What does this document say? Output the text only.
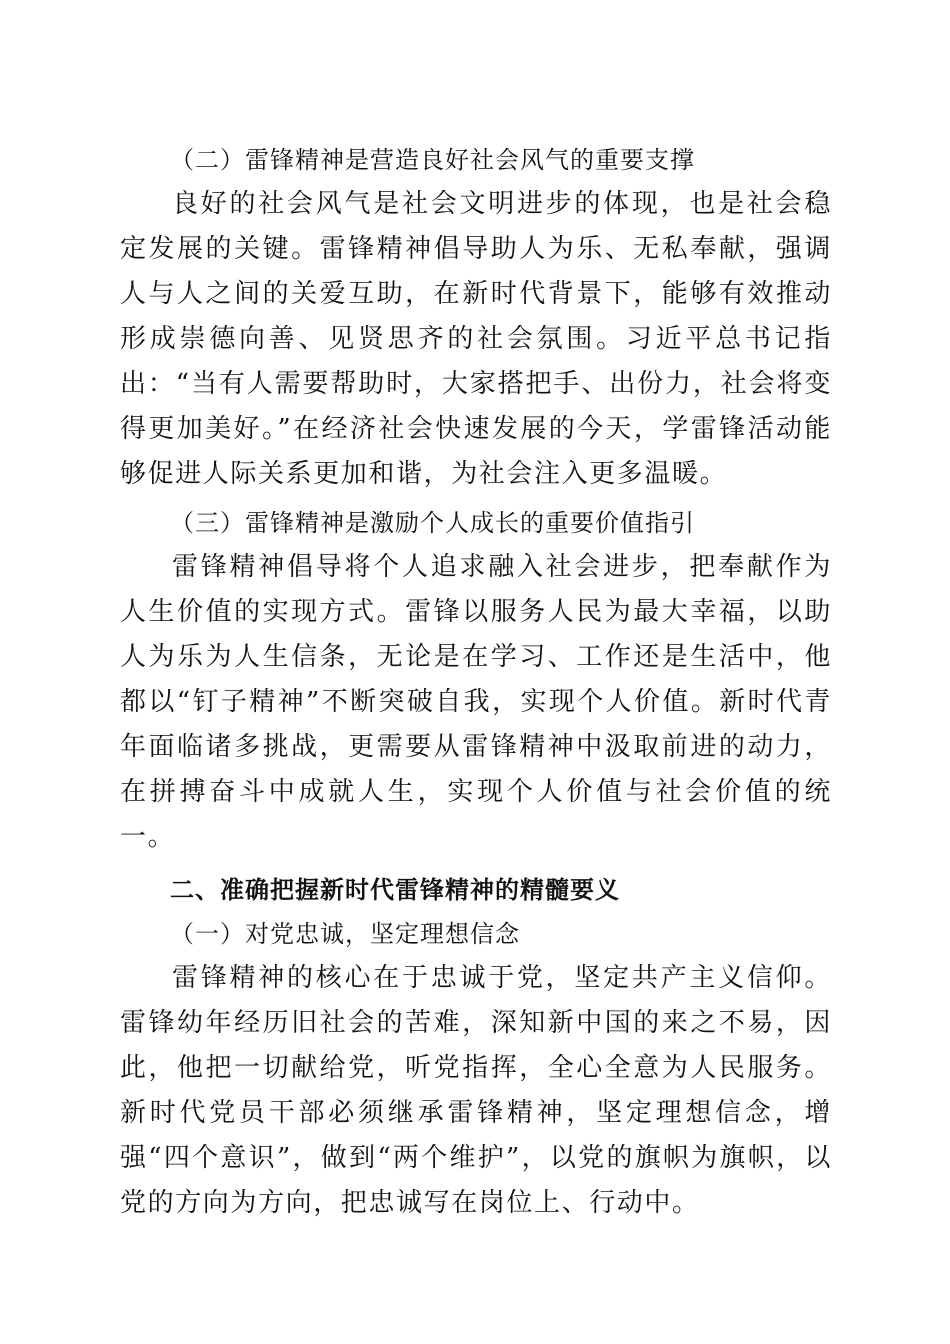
（二）雷锋精神是营造良好社会风气的重要支撑

良好的社会风气是社会文明进步的体现，也是社会稳定发展的关键。雷锋精神倡导助人为乐、无私奉献，强调人与人之间的关爱互助，在新时代背景下，能够有效推动形成崇德向善、见贤思齐的社会氛围。习近平总书记指出：“当有人需要帮助时，大家搭把手、出份力，社会将变得更加美好。”在经济社会快速发展的今天，学雷锋活动能够促进人际关系更加和谐，为社会注入更多温暖。

（三）雷锋精神是激励个人成长的重要价值指引

雷锋精神倡导将个人追求融入社会进步，把奉献作为人生价值的实现方式。雷锋以服务人民为最大幸福，以助人为乐为人生信条，无论是在学习、工作还是生活中，他都以“钉子精神”不断突破自我，实现个人价值。新时代青年面临诸多挑战，更需要从雷锋精神中汲取前进的动力，在拼搏奋斗中成就人生，实现个人价值与社会价值的统一。

二、准确把握新时代雷锋精神的精髓要义

（一）对党忠诚，坚定理想信念

雷锋精神的核心在于忠诚于党，坚定共产主义信仰。雷锋幼年经历旧社会的苦难，深知新中国的来之不易，因此，他把一切献给党，听党指挥，全心全意为人民服务。新时代党员干部必须继承雷锋精神，坚定理想信念，增强“四个意识”，做到“两个维护”，以党的旗帜为旗帜，以党的方向为方向，把忠诚写在岗位上、行动中。
